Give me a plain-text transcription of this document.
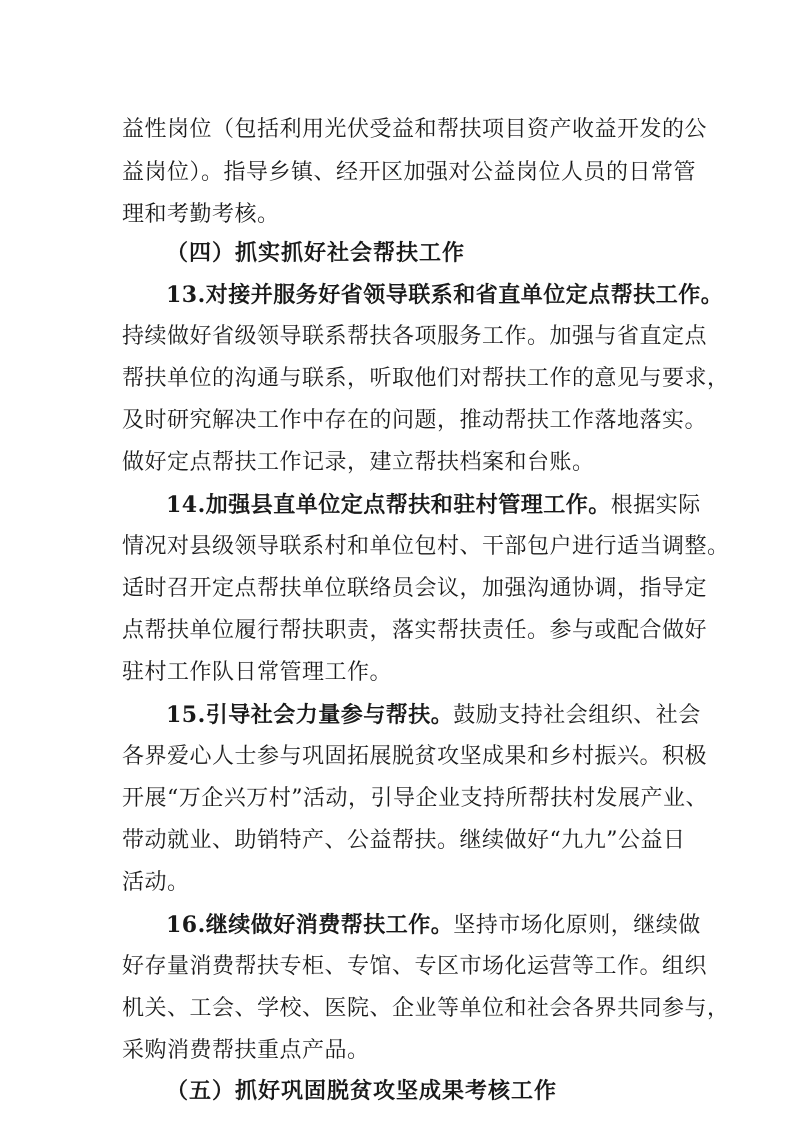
益性岗位（包括利用光伏受益和帮扶项目资产收益开发的公
益岗位）。指导乡镇、经开区加强对公益岗位人员的日常管
理和考勤考核。
（四）抓实抓好社会帮扶工作
13.对接并服务好省领导联系和省直单位定点帮扶工作。
持续做好省级领导联系帮扶各项服务工作。加强与省直定点
帮扶单位的沟通与联系，听取他们对帮扶工作的意见与要求，
及时研究解决工作中存在的问题，推动帮扶工作落地落实。
做好定点帮扶工作记录，建立帮扶档案和台账。
14.加强县直单位定点帮扶和驻村管理工作。根据实际
情况对县级领导联系村和单位包村、干部包户进行适当调整。
适时召开定点帮扶单位联络员会议，加强沟通协调，指导定
点帮扶单位履行帮扶职责，落实帮扶责任。参与或配合做好
驻村工作队日常管理工作。
15.引导社会力量参与帮扶。鼓励支持社会组织、社会
各界爱心人士参与巩固拓展脱贫攻坚成果和乡村振兴。积极
开展“万企兴万村”活动，引导企业支持所帮扶村发展产业、
带动就业、助销特产、公益帮扶。继续做好“九九”公益日
活动。
16.继续做好消费帮扶工作。坚持市场化原则，继续做
好存量消费帮扶专柜、专馆、专区市场化运营等工作。组织
机关、工会、学校、医院、企业等单位和社会各界共同参与，
采购消费帮扶重点产品。
（五）抓好巩固脱贫攻坚成果考核工作
